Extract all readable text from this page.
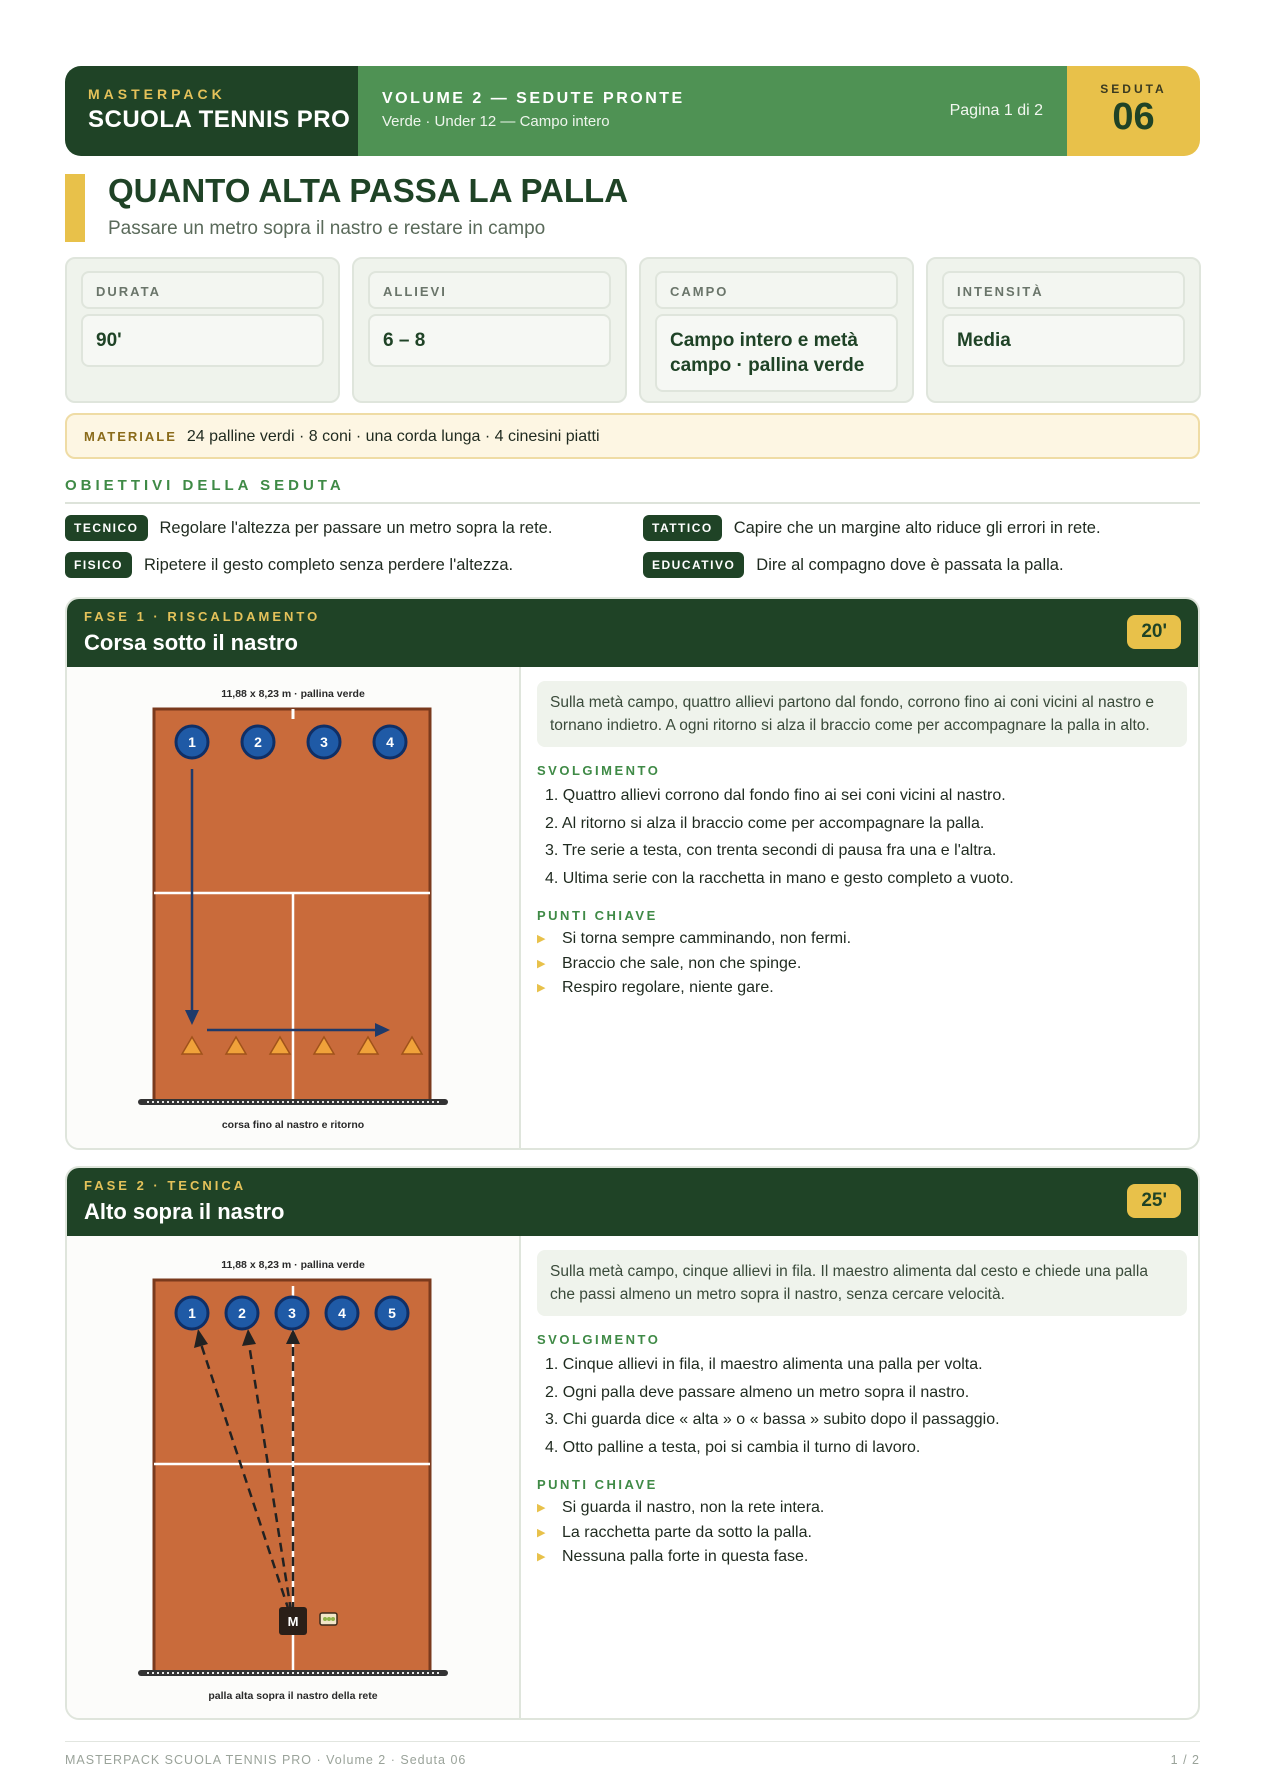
MASTERPACK
SCUOLA TENNIS PRO
VOLUME 2 — SEDUTE PRONTE
Verde · Under 12 — Campo intero
Pagina 1 di 2
SEDUTA
06
QUANTO ALTA PASSA LA PALLA
Passare un metro sopra il nastro e restare in campo
DURATA
90'
ALLIEVI
6 – 8
CAMPO
Campo intero e metà campo · pallina verde
INTENSITÀ
Media
MATERIALE 24 palline verdi · 8 coni · una corda lunga · 4 cinesini piatti
OBIETTIVI DELLA SEDUTA
TECNICO	Regolare l'altezza per passare un metro sopra la rete.	TATTICO	Capire che un margine alto riduce gli errori in rete.
FISICO	Ripetere il gesto completo senza perdere l'altezza.	EDUCATIVO	Dire al compagno dove è passata la palla.
FASE 1 · RISCALDAMENTO
Corsa sotto il nastro	20'
11,88 x 8,23 m · pallina verde
1	2	3	4
corsa fino al nastro e ritorno
Sulla metà campo, quattro allievi partono dal fondo, corrono fino ai coni vicini al nastro e tornano indietro. A ogni ritorno si alza il braccio come per accompagnare la palla in alto.
SVOLGIMENTO
1. Quattro allievi corrono dal fondo fino ai sei coni vicini al nastro.
2. Al ritorno si alza il braccio come per accompagnare la palla.
3. Tre serie a testa, con trenta secondi di pausa fra una e l'altra.
4. Ultima serie con la racchetta in mano e gesto completo a vuoto.
PUNTI CHIAVE
▶ Si torna sempre camminando, non fermi.
▶ Braccio che sale, non che spinge.
▶ Respiro regolare, niente gare.
FASE 2 · TECNICA
Alto sopra il nastro	25'
11,88 x 8,23 m · pallina verde
1	2	3	4	5
M
palla alta sopra il nastro della rete
Sulla metà campo, cinque allievi in fila. Il maestro alimenta dal cesto e chiede una palla che passi almeno un metro sopra il nastro, senza cercare velocità.
SVOLGIMENTO
1. Cinque allievi in fila, il maestro alimenta una palla per volta.
2. Ogni palla deve passare almeno un metro sopra il nastro.
3. Chi guarda dice « alta » o « bassa » subito dopo il passaggio.
4. Otto palline a testa, poi si cambia il turno di lavoro.
PUNTI CHIAVE
▶ Si guarda il nastro, non la rete intera.
▶ La racchetta parte da sotto la palla.
▶ Nessuna palla forte in questa fase.
MASTERPACK SCUOLA TENNIS PRO · Volume 2 · Seduta 06	1 / 2
